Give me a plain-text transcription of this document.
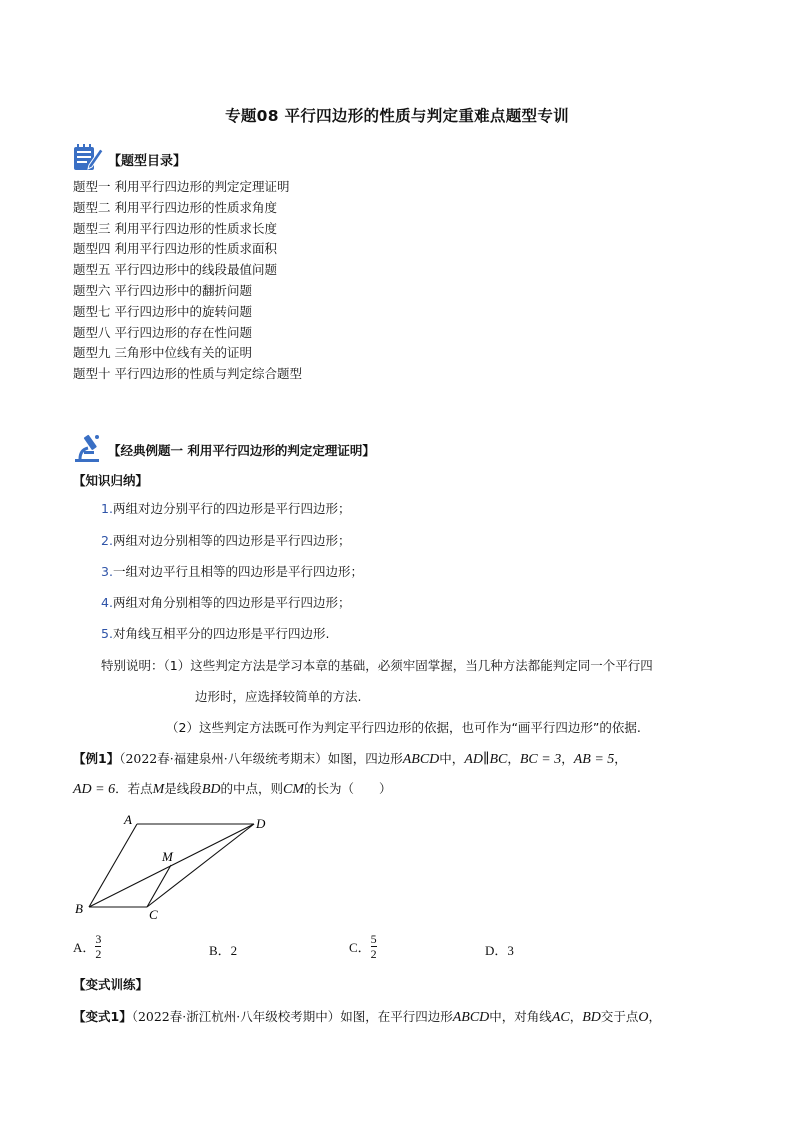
专题08 平行四边形的性质与判定重难点题型专训
【题型目录】
题型一 利用平行四边形的判定定理证明
题型二 利用平行四边形的性质求角度
题型三 利用平行四边形的性质求长度
题型四 利用平行四边形的性质求面积
题型五 平行四边形中的线段最值问题
题型六 平行四边形中的翻折问题
题型七 平行四边形中的旋转问题
题型八 平行四边形的存在性问题
题型九 三角形中位线有关的证明
题型十 平行四边形的性质与判定综合题型
【经典例题一 利用平行四边形的判定定理证明】
【知识归纳】
1.两组对边分别平行的四边形是平行四边形；
2.两组对边分别相等的四边形是平行四边形；
3.一组对边平行且相等的四边形是平行四边形；
4.两组对角分别相等的四边形是平行四边形；
5.对角线互相平分的四边形是平行四边形.
特别说明：（1）这些判定方法是学习本章的基础，必须牢固掌握，当几种方法都能判定同一个平行四
边形时，应选择较简单的方法.
（2）这些判定方法既可作为判定平行四边形的依据，也可作为“画平行四边形”的依据.
【例1】（2022春·福建泉州·八年级统考期末）如图，四边形ABCD中，AD∥BC，BC = 3，AB = 5，
AD = 6．若点M是线段BD的中点，则CM的长为（　　）
A	D
M
B	C
A． $\frac{3}{2}$	B．2	C． $\frac{5}{2}$	D．3
【变式训练】
【变式1】（2022春·浙江杭州·八年级校考期中）如图，在平行四边形ABCD中，对角线AC，BD交于点O，
